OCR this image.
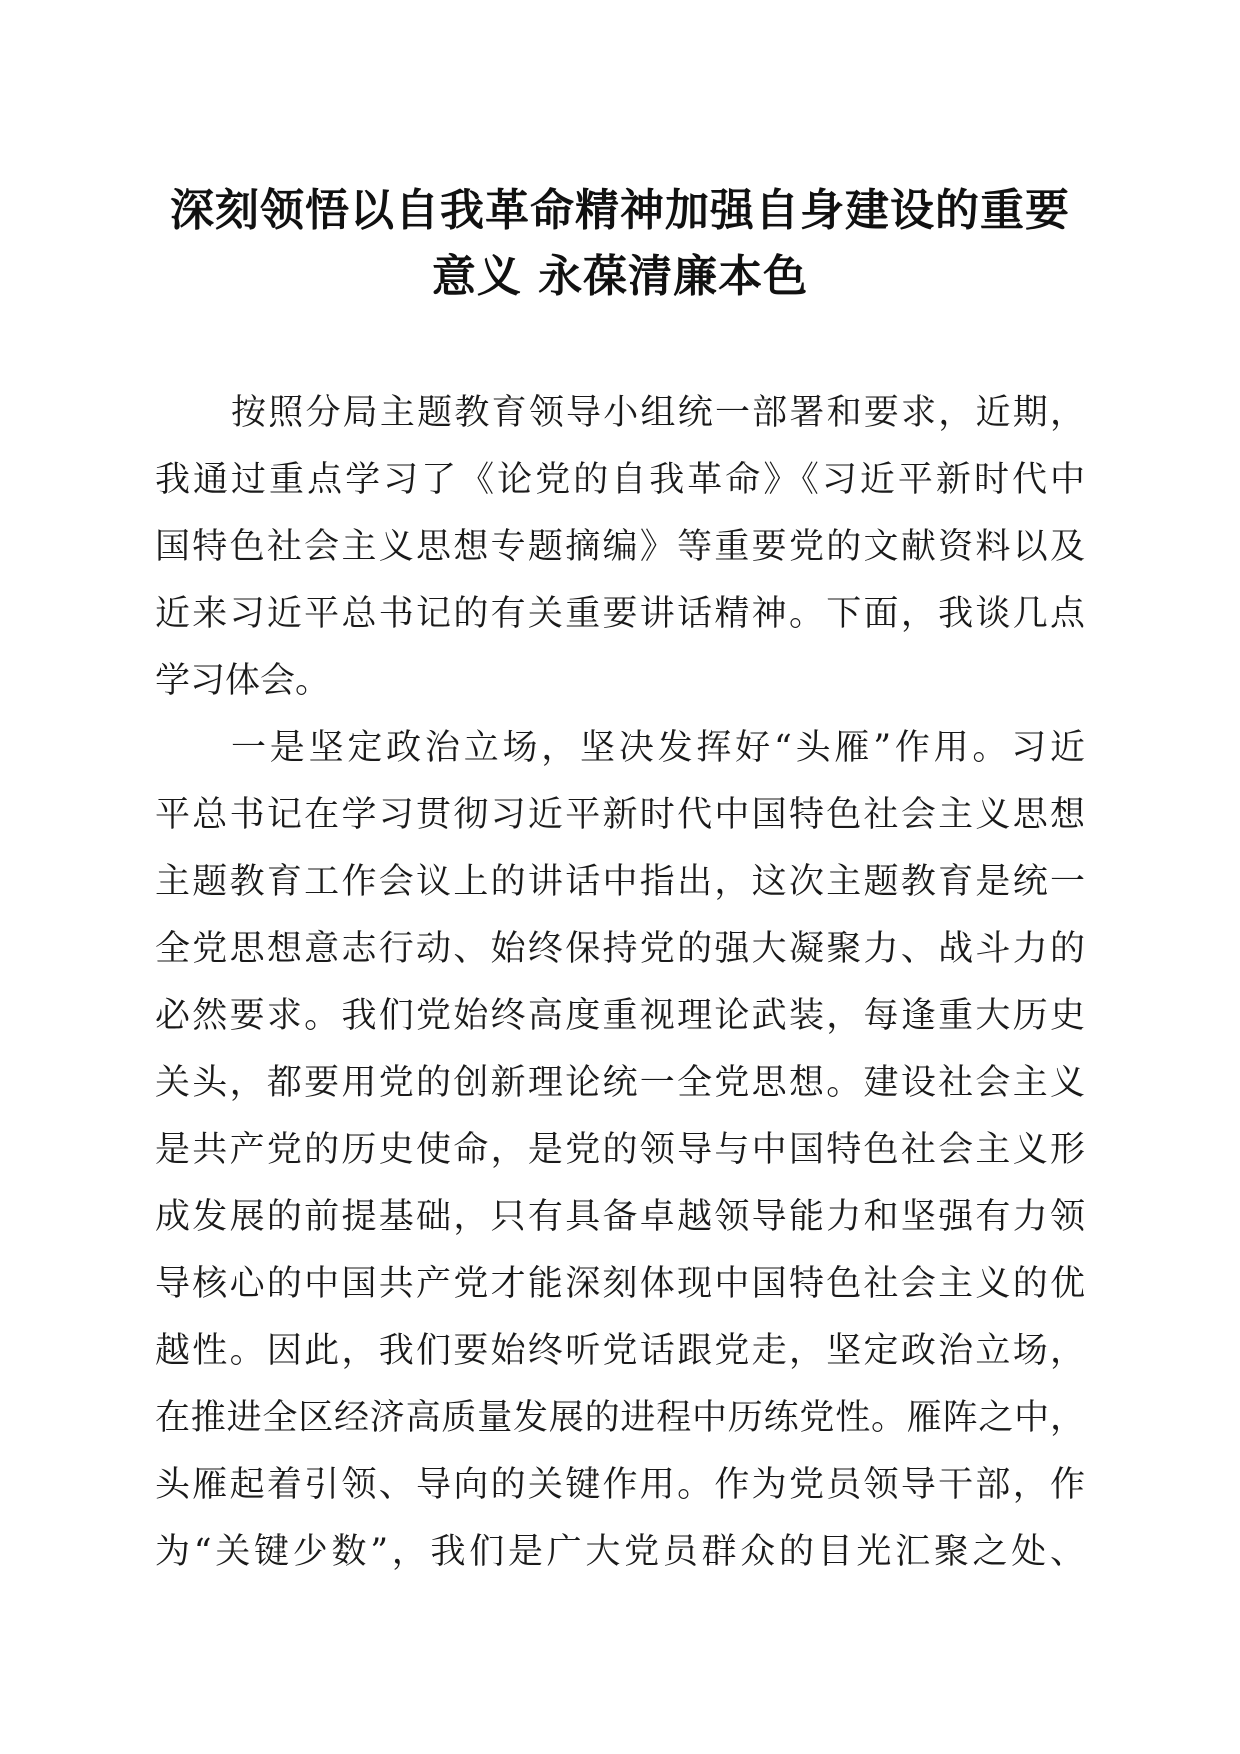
深刻领悟以自我革命精神加强自身建设的重要
意义 永葆清廉本色
按照分局主题教育领导小组统一部署和要求，近期，
我通过重点学习了《论党的自我革命》《习近平新时代中
国特色社会主义思想专题摘编》等重要党的文献资料以及
近来习近平总书记的有关重要讲话精神。下面，我谈几点
学习体会。
一是坚定政治立场，坚决发挥好“头雁”作用。习近
平总书记在学习贯彻习近平新时代中国特色社会主义思想
主题教育工作会议上的讲话中指出，这次主题教育是统一
全党思想意志行动、始终保持党的强大凝聚力、战斗力的
必然要求。我们党始终高度重视理论武装，每逢重大历史
关头，都要用党的创新理论统一全党思想。建设社会主义
是共产党的历史使命，是党的领导与中国特色社会主义形
成发展的前提基础，只有具备卓越领导能力和坚强有力领
导核心的中国共产党才能深刻体现中国特色社会主义的优
越性。因此，我们要始终听党话跟党走，坚定政治立场，
在推进全区经济高质量发展的进程中历练党性。雁阵之中，
头雁起着引领、导向的关键作用。作为党员领导干部，作
为“关键少数”，我们是广大党员群众的目光汇聚之处、
